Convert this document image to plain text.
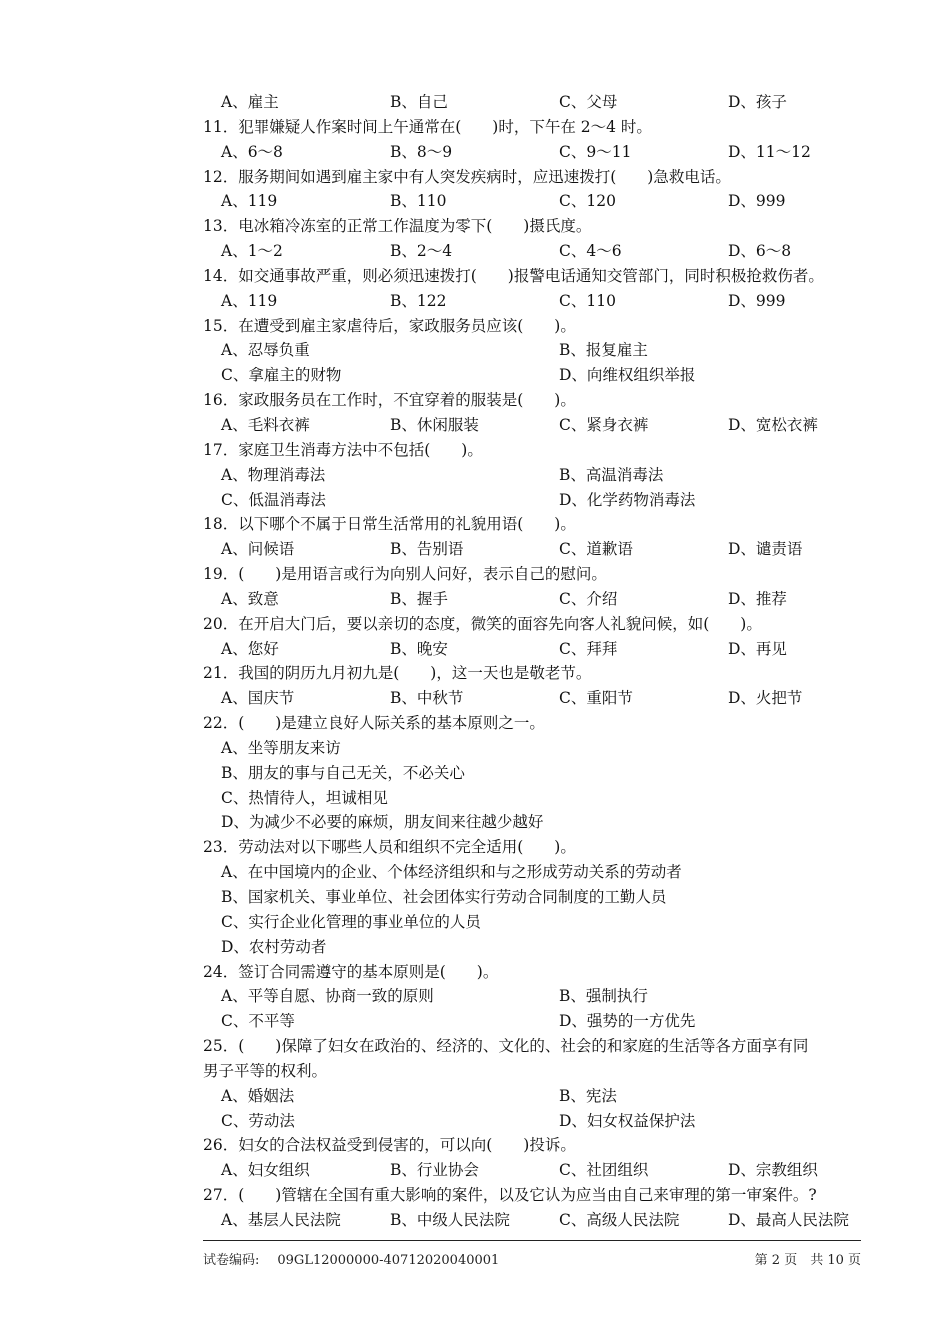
A、雇主	B、自己	C、父母	D、孩子
11．犯罪嫌疑人作案时间上午通常在(　　)时，下午在 2～4 时。
A、6～8	B、8～9	C、9～11	D、11～12
12．服务期间如遇到雇主家中有人突发疾病时，应迅速拨打(　　)急救电话。
A、119	B、110	C、120	D、999
13．电冰箱冷冻室的正常工作温度为零下(　　)摄氏度。
A、1～2	B、2～4	C、4～6	D、6～8
14．如交通事故严重，则必须迅速拨打(　　)报警电话通知交管部门，同时积极抢救伤者。
A、119	B、122	C、110	D、999
15．在遭受到雇主家虐待后，家政服务员应该(　　)。
A、忍辱负重	B、报复雇主
C、拿雇主的财物	D、向维权组织举报
16．家政服务员在工作时，不宜穿着的服装是(　　)。
A、毛料衣裤	B、休闲服装	C、紧身衣裤	D、宽松衣裤
17．家庭卫生消毒方法中不包括(　　)。
A、物理消毒法	B、高温消毒法
C、低温消毒法	D、化学药物消毒法
18．以下哪个不属于日常生活常用的礼貌用语(　　)。
A、问候语	B、告别语	C、道歉语	D、谴责语
19．(　　)是用语言或行为向别人问好，表示自己的慰问。
A、致意	B、握手	C、介绍	D、推荐
20．在开启大门后，要以亲切的态度，微笑的面容先向客人礼貌问候，如(　　)。
A、您好	B、晚安	C、拜拜	D、再见
21．我国的阴历九月初九是(　　)，这一天也是敬老节。
A、国庆节	B、中秋节	C、重阳节	D、火把节
22．(　　)是建立良好人际关系的基本原则之一。
A、坐等朋友来访
B、朋友的事与自己无关，不必关心
C、热情待人，坦诚相见
D、为减少不必要的麻烦，朋友间来往越少越好
23．劳动法对以下哪些人员和组织不完全适用(　　)。
A、在中国境内的企业、个体经济组织和与之形成劳动关系的劳动者
B、国家机关、事业单位、社会团体实行劳动合同制度的工勤人员
C、实行企业化管理的事业单位的人员
D、农村劳动者
24．签订合同需遵守的基本原则是(　　)。
A、平等自愿、协商一致的原则	B、强制执行
C、不平等	D、强势的一方优先
25．(　　)保障了妇女在政治的、经济的、文化的、社会的和家庭的生活等各方面享有同
男子平等的权利。
A、婚姻法	B、宪法
C、劳动法	D、妇女权益保护法
26．妇女的合法权益受到侵害的，可以向(　　)投诉。
A、妇女组织	B、行业协会	C、社团组织	D、宗教组织
27．(　　)管辖在全国有重大影响的案件，以及它认为应当由自己来审理的第一审案件。?
A、基层人民法院	B、中级人民法院	C、高级人民法院	D、最高人民法院
试卷编码: 09GL12000000-40712020040001	第 2 页　共 10 页
